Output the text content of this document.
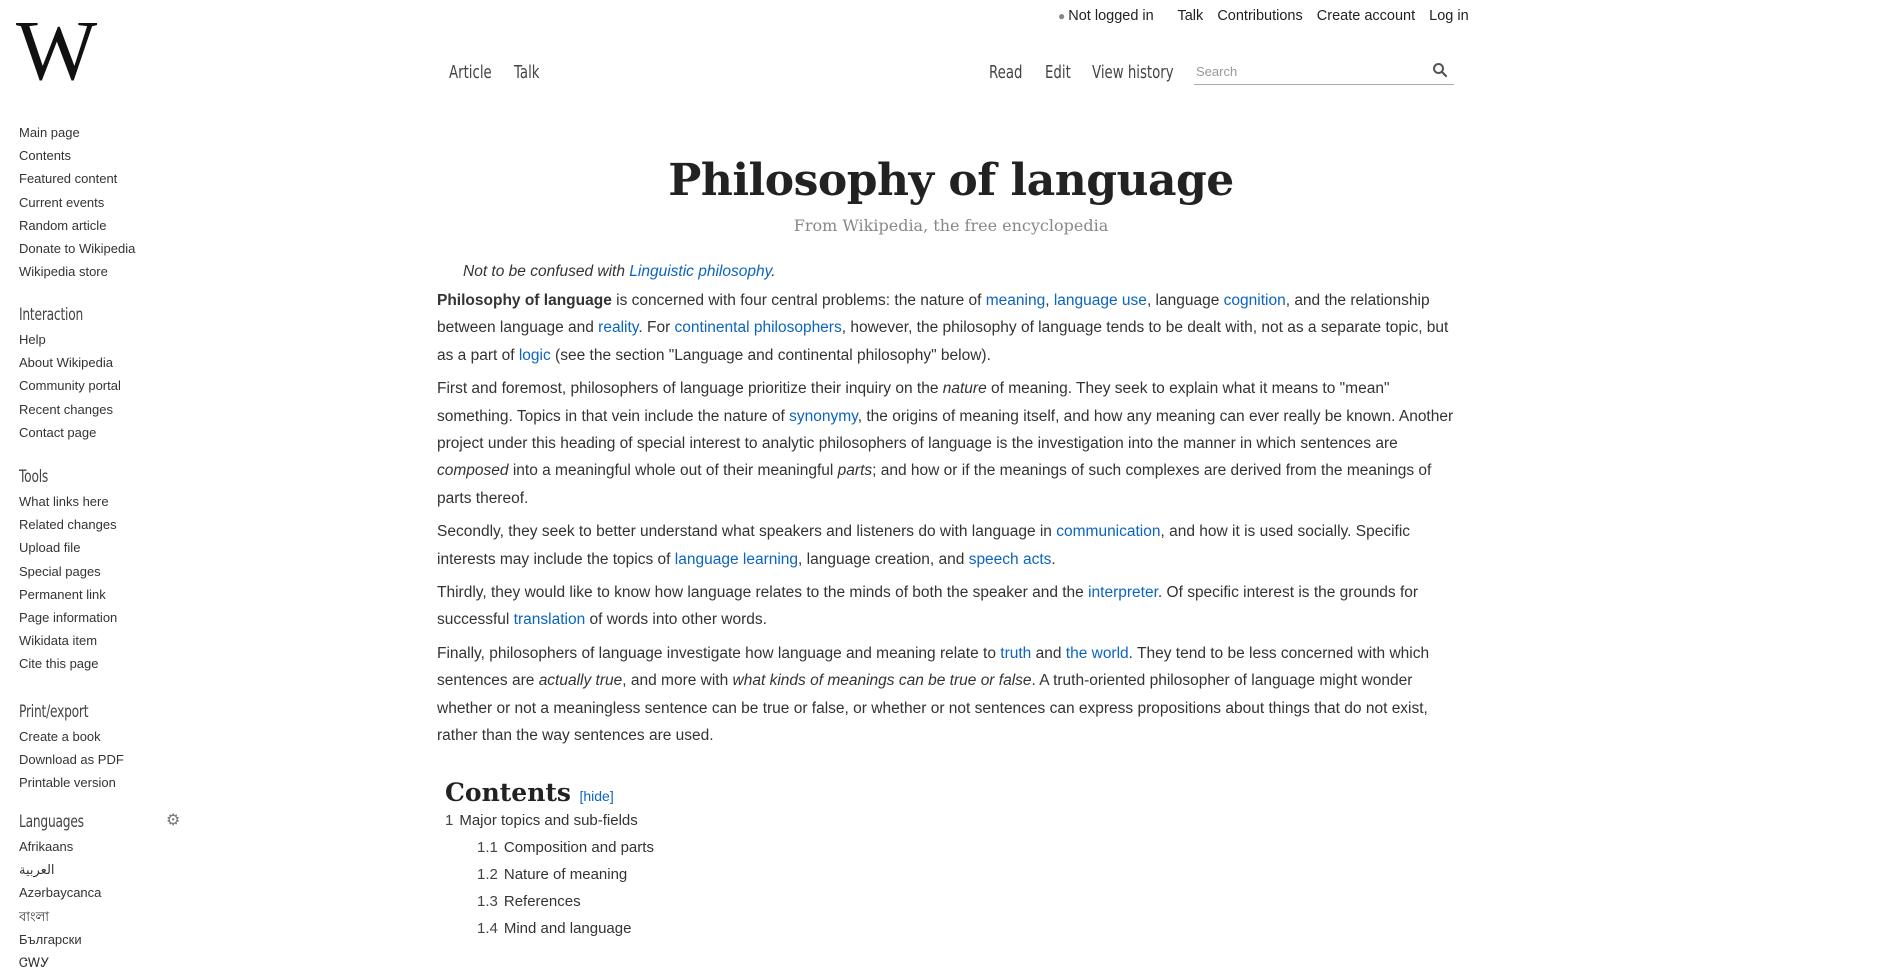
W
Main page
Contents
Featured content
Current events
Random article
Donate to Wikipedia
Wikipedia store
Interaction
Help
About Wikipedia
Community portal
Recent changes
Contact page
Tools
What links here
Related changes
Upload file
Special pages
Permanent link
Page information
Wikidata item
Cite this page
Print/export
Create a book
Download as PDF
Printable version
Languages
Afrikaans
العربية
Azərbaycanca
বাংলা
Български
ᏣᎳᎩ
⚙
● Not logged in Talk Contributions Create account Log in
Article	Talk	Read	Edit	View history
Search
Philosophy of language
From Wikipedia, the free encyclopedia
Not to be confused with Linguistic philosophy.

Philosophy of language is concerned with four central problems: the nature of meaning, language use, language cognition, and the relationship between language and reality. For continental philosophers, however, the philosophy of language tends to be dealt with, not as a separate topic, but as a part of logic (see the section "Language and continental philosophy" below).

First and foremost, philosophers of language prioritize their inquiry on the nature of meaning. They seek to explain what it means to "mean" something. Topics in that vein include the nature of synonymy, the origins of meaning itself, and how any meaning can ever really be known. Another project under this heading of special interest to analytic philosophers of language is the investigation into the manner in which sentences are composed into a meaningful whole out of their meaningful parts; and how or if the meanings of such complexes are derived from the meanings of parts thereof.

Secondly, they seek to better understand what speakers and listeners do with language in communication, and how it is used socially. Specific interests may include the topics of language learning, language creation, and speech acts.

Thirdly, they would like to know how language relates to the minds of both the speaker and the interpreter. Of specific interest is the grounds for successful translation of words into other words.

Finally, philosophers of language investigate how language and meaning relate to truth and the world. They tend to be less concerned with which sentences are actually true, and more with what kinds of meanings can be true or false. A truth-oriented philosopher of language might wonder whether or not a meaningless sentence can be true or false, or whether or not sentences can express propositions about things that do not exist, rather than the way sentences are used.

Contents [hide]
1 Major topics and sub-fields
1.1 Composition and parts
1.2 Nature of meaning
1.3 References
1.4 Mind and language
